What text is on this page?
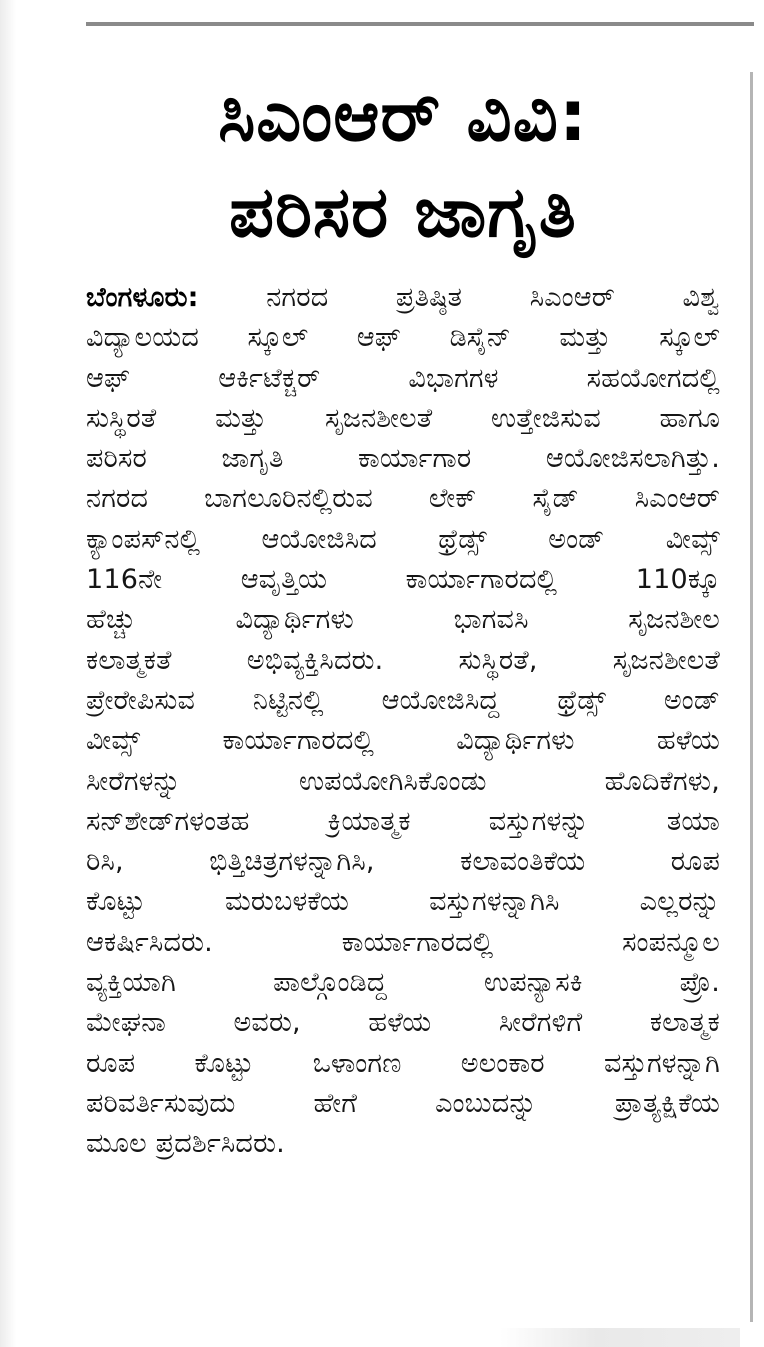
ಸಿಎಂಆರ್ ವಿವಿ:
ಪರಿಸರ ಜಾಗೃತಿ
ಬೆಂಗಳೂರು: ನಗರದ ಪ್ರತಿಷ್ಠಿತ ಸಿಎಂಆರ್ ವಿಶ್ವ
ವಿದ್ಯಾಲಯದ ಸ್ಕೂಲ್ ಆಫ್ ಡಿಸೈನ್ ಮತ್ತು ಸ್ಕೂಲ್
ಆಫ್ ಆರ್ಕಿಟೆಕ್ಚರ್ ವಿಭಾಗಗಳ ಸಹಯೋಗದಲ್ಲಿ
ಸುಸ್ಥಿರತೆ ಮತ್ತು ಸೃಜನಶೀಲತೆ ಉತ್ತೇಜಿಸುವ ಹಾಗೂ
ಪರಿಸರ ಜಾಗೃತಿ ಕಾರ್ಯಾಗಾರ ಆಯೋಜಿಸಲಾಗಿತ್ತು.
ನಗರದ ಬಾಗಲೂರಿನಲ್ಲಿರುವ ಲೇಕ್ ಸೈಡ್ ಸಿಎಂಆರ್
ಕ್ಯಾಂಪಸ್‌ನಲ್ಲಿ ಆಯೋಜಿಸಿದ ಥ್ರೆಡ್ಸ್ ಅಂಡ್ ವೀವ್ಸ್
116ನೇ ಆವೃತ್ತಿಯ ಕಾರ್ಯಾಗಾರದಲ್ಲಿ 110ಕ್ಕೂ
ಹೆಚ್ಚು ವಿದ್ಯಾರ್ಥಿಗಳು ಭಾಗವಸಿ ಸೃಜನಶೀಲ
ಕಲಾತ್ಮಕತೆ ಅಭಿವ್ಯಕ್ತಿಸಿದರು. ಸುಸ್ಥಿರತೆ, ಸೃಜನಶೀಲತೆ
ಪ್ರೇರೇಪಿಸುವ ನಿಟ್ಟಿನಲ್ಲಿ ಆಯೋಜಿಸಿದ್ದ ಥ್ರೆಡ್ಸ್ ಅಂಡ್
ವೀವ್ಸ್ ಕಾರ್ಯಾಗಾರದಲ್ಲಿ ವಿದ್ಯಾರ್ಥಿಗಳು ಹಳೆಯ
ಸೀರೆಗಳನ್ನು ಉಪಯೋಗಿಸಿಕೊಂಡು ಹೊದಿಕೆಗಳು,
ಸನ್‌ಶೇಡ್‌ಗಳಂತಹ ಕ್ರಿಯಾತ್ಮಕ ವಸ್ತುಗಳನ್ನು ತಯಾ
ರಿಸಿ, ಭಿತ್ತಿಚಿತ್ರಗಳನ್ನಾಗಿಸಿ, ಕಲಾವಂತಿಕೆಯ ರೂಪ
ಕೊಟ್ಟು ಮರುಬಳಕೆಯ ವಸ್ತುಗಳನ್ನಾಗಿಸಿ ಎಲ್ಲರನ್ನು
ಆಕರ್ಷಿಸಿದರು. ಕಾರ್ಯಾಗಾರದಲ್ಲಿ ಸಂಪನ್ಮೂಲ
ವ್ಯಕ್ತಿಯಾಗಿ ಪಾಲ್ಗೊಂಡಿದ್ದ ಉಪನ್ಯಾಸಕಿ ಪ್ರೊ.
ಮೇಘನಾ ಅವರು, ಹಳೆಯ ಸೀರೆಗಳಿಗೆ ಕಲಾತ್ಮಕ
ರೂಪ ಕೊಟ್ಟು ಒಳಾಂಗಣ ಅಲಂಕಾರ ವಸ್ತುಗಳನ್ನಾಗಿ
ಪರಿವರ್ತಿಸುವುದು ಹೇಗೆ ಎಂಬುದನ್ನು ಪ್ರಾತ್ಯಕ್ಷಿಕೆಯ
ಮೂಲ ಪ್ರದರ್ಶಿಸಿದರು.
